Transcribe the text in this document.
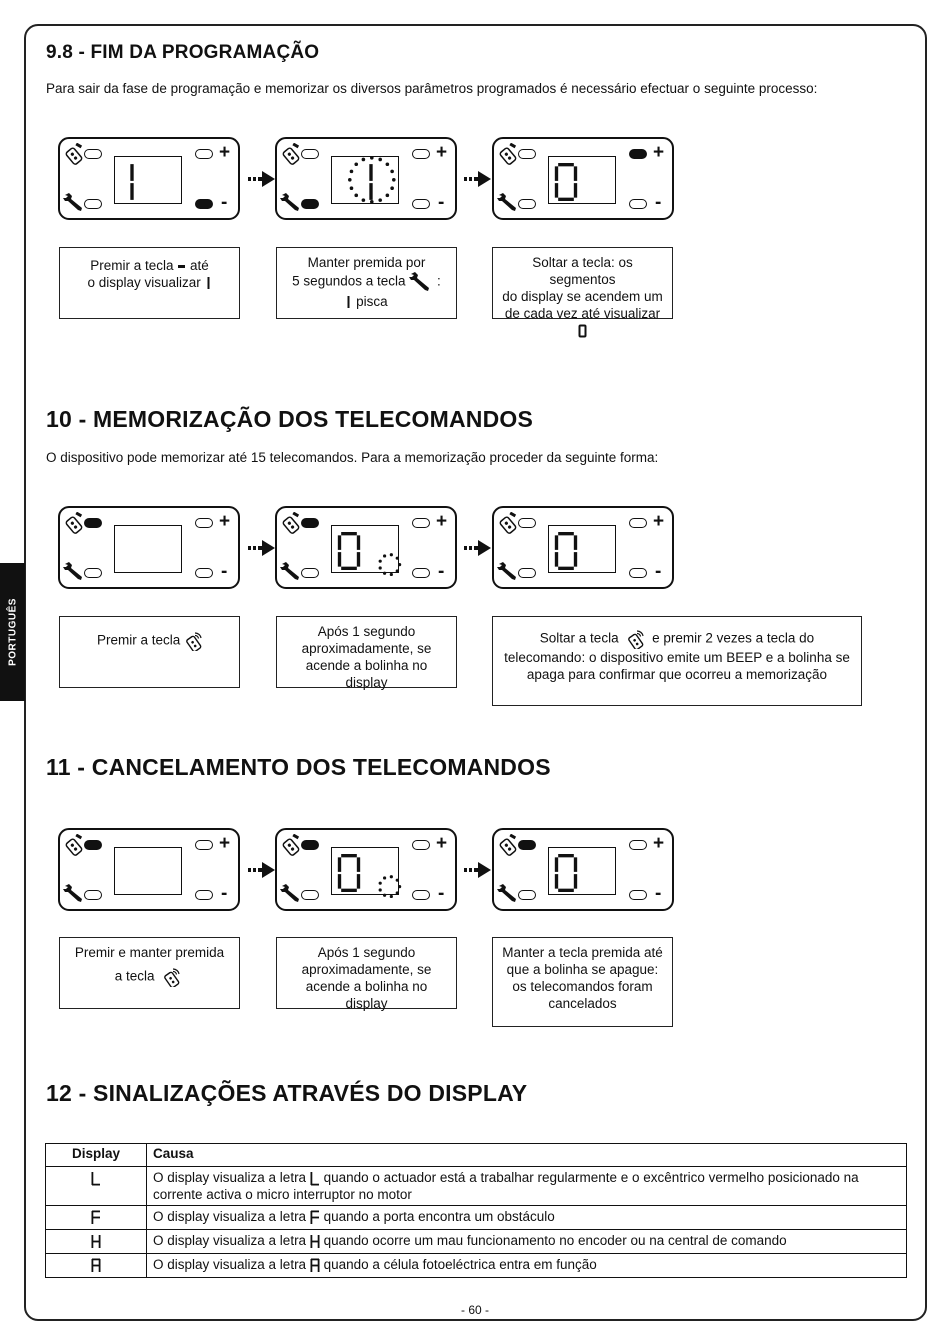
PORTUGUÊS
9.8 - FIM DA PROGRAMAÇÃO
Para sair da fase de programação e memorizar os diversos parâmetros programados é necessário efectuar o seguinte processo:
+
-
+
-
+
-
Premir a tecla até
o display visualizar
Manter premida por
5 segundos a tecla :
pisca
Soltar a tecla: os segmentos
do display se acendem um
de cada vez até visualizar
10 - MEMORIZAÇÃO DOS TELECOMANDOS
O dispositivo pode memorizar até 15 telecomandos. Para a memorização proceder da seguinte forma:
+
-
+
-
+
-
Premir a tecla
Após 1 segundo
aproximadamente, se
acende a bolinha no display
Soltar a tecla e premir 2 vezes a tecla do
telecomando: o dispositivo emite um BEEP e a bolinha se
apaga para confirmar que ocorreu a memorização
11 - CANCELAMENTO DOS TELECOMANDOS
+
-
+
-
+
-
Premir e manter premida
a tecla
Após 1 segundo
aproximadamente, se
acende a bolinha no display
Manter a tecla premida até
que a bolinha se apague:
os telecomandos foram
cancelados
12 - SINALIZAÇÕES ATRAVÉS DO DISPLAY
Display	Causa
	O display visualiza a letra  quando o actuador está a trabalhar regularmente e o excêntrico vermelho posicionado na corrente activa o micro interruptor no motor
	O display visualiza a letra  quando a porta encontra um obstáculo
	O display visualiza a letra  quando ocorre um mau funcionamento no encoder ou na central de comando
	O display visualiza a letra  quando a célula fotoeléctrica entra em função
- 60 -
